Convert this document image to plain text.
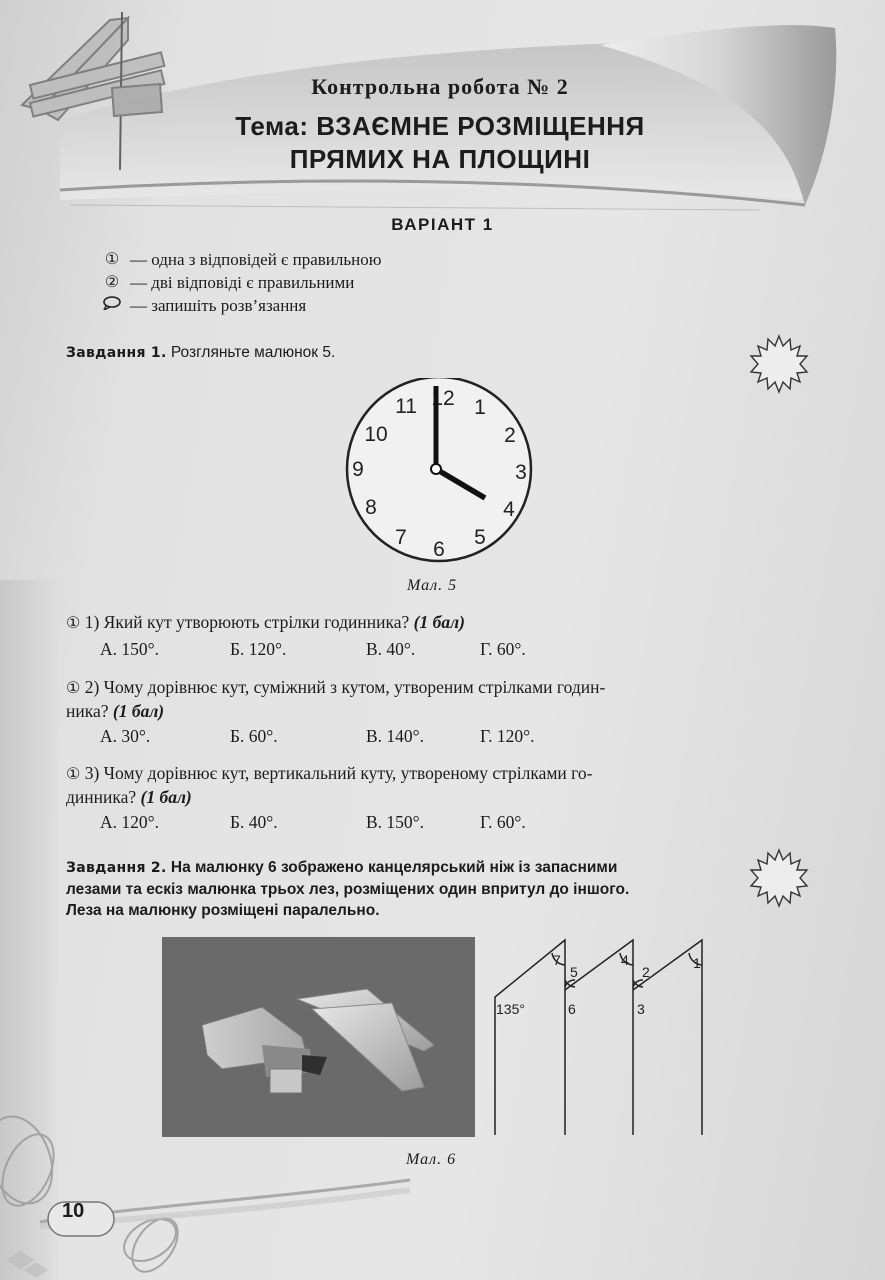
Контрольна робота № 2
Тема: ВЗАЄМНЕ РОЗМІЩЕННЯ
ПРЯМИХ НА ПЛОЩИНІ
ВАРІАНТ 1
① — одна з відповідей є правильною
② — дві відповіді є правильними
— запишіть розв’язання
Завдання 1. Розгляньте малюнок 5.
12 1
2
3
4
5
6
7
8
9
10
11
Мал. 5
① 1) Який кут утворюють стрілки годинника? (1 бал)
А. 150°.	Б. 120°.	В. 40°.	Г. 60°.
① 2) Чому дорівнює кут, суміжний з кутом, утвореним стрілками годин-
ника? (1 бал)
А. 30°.	Б. 60°.	В. 140°.	Г. 120°.
① 3) Чому дорівнює кут, вертикальний куту, утвореному стрілками го-
динника? (1 бал)
А. 120°.	Б. 40°.	В. 150°.	Г. 60°.
Завдання 2. На малюнку 6 зображено канцелярський ніж із запасними
лезами та ескіз малюнка трьох лез, розміщених один впритул до іншого.
Леза на малюнку розміщені паралельно.
135°
7
5
6
4
2
3
1
Мал. 6
10
